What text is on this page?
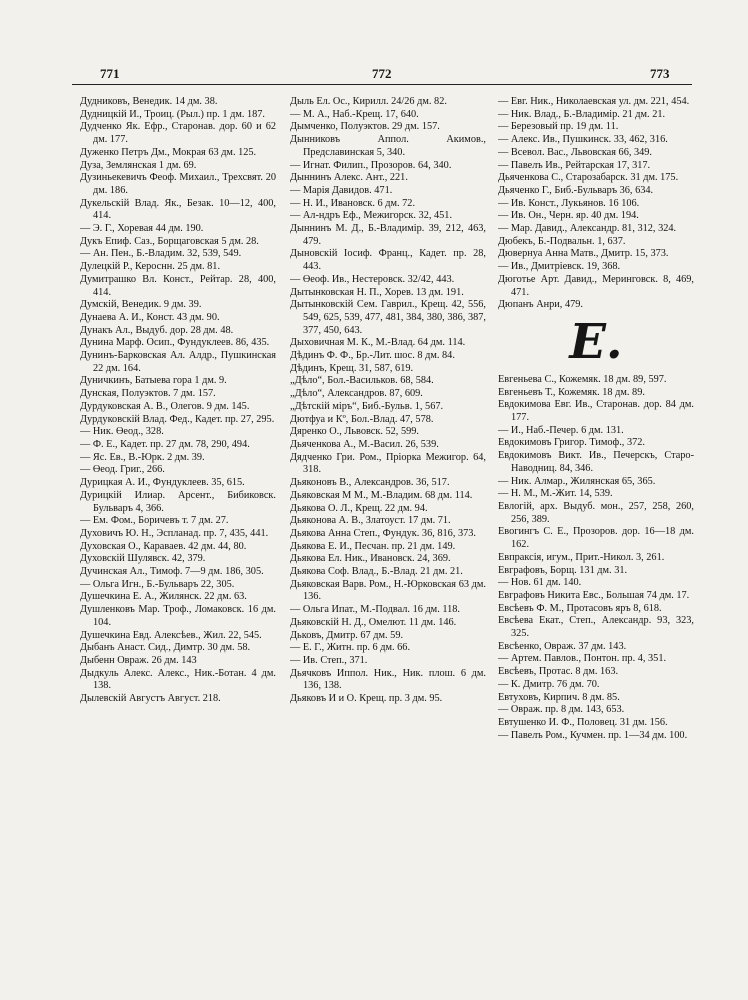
771	772	773
Дудниковъ, Венедик. 14 дм. 38.
Дудницкій И., Троиц. (Рыл.) пр. 1 дм. 187.
Дудченко Як. Ефр., Старонав. дор. 60 и 62 дм. 177.
Дуженко Петръ Дм., Мокрая 63 дм. 125.
Дуза, Землянская 1 дм. 69.
Дузиньекевичъ Феоф. Михаил., Трехсвят. 20 дм. 186.
Дукельскій Влад. Як., Безак. 10—12, 400, 414.
— Э. Г., Хоревая 44 дм. 190.
Дукъ Епиф. Саз., Борщаговская 5 дм. 28.
— Ан. Пен., Б.-Владим. 32, 539, 549.
Дулецкій Р., Кероснн. 25 дм. 81.
Думитрашко Вл. Конст., Рейтар. 28, 400, 414.
Думскій, Венедик. 9 дм. 39.
Дунаева А. И., Конст. 43 дм. 90.
Дунакъ Ал., Выдуб. дор. 28 дм. 48.
Дунина Марф. Осип., Фундуклеев. 86, 435.
Дунинъ-Барковская Ал. Алдр., Пушкинская 22 дм. 164.
Дуничкинъ, Батыева гора 1 дм. 9.
Дунская, Полуэктов. 7 дм. 157.
Дурдуковская А. В., Олегов. 9 дм. 145.
Дурдуковскій Влад. Фед., Кадет. пр. 27, 295.
— Ник. Өеод., 328.
— Ф. Е., Кадет. пр. 27 дм. 78, 290, 494.
— Яс. Ев., В.-Юрк. 2 дм. 39.
— Өеод. Григ., 266.
Дурицкая А. И., Фундуклеев. 35, 615.
Дурицкій Илиар. Арсент., Бибиковск. Бульваръ 4, 366.
— Ем. Фом., Боричевъ т. 7 дм. 27.
Духовичъ Ю. Н., Эспланад. пр. 7, 435, 441.
Духовская О., Караваев. 42 дм. 44, 80.
Духовскій Шулявск. 42, 379.
Дучинская Ал., Тимоф. 7—9 дм. 186, 305.
— Ольга Игн., Б.-Бульваръ 22, 305.
Душечкина Е. А., Жилянск. 22 дм. 63.
Душленковъ Мар. Троф., Ломаковск. 16 дм. 104.
Душечкина Евд. Алексѣев., Жил. 22, 545.
Дыбанъ Анаст. Сид., Димтр. 30 дм. 58.
Дыбенн Овраж. 26 дм. 143
Дыдкуль Алекс. Алекс., Ник.-Ботан. 4 дм. 138.
Дылевскій Августъ Август. 218.
Дыль Ел. Ос., Кирилл. 24/26 дм. 82.
— М. А., Наб.-Крещ. 17, 640.
Дымченко, Полуэктов. 29 дм. 157.
Дынниковъ Аппол. Акимов., Предславинская 5, 340.
— Игнат. Филип., Прозоров. 64, 340.
Дыннинъ Алекс. Ант., 221.
— Марія Давидов. 471.
— Н. И., Ивановск. 6 дм. 72.
— Ал-ндръ Еф., Межигорск. 32, 451.
Дыннинъ М. Д., Б.-Владимір. 39, 212, 463, 479.
Дыновскій Іосиф. Франц., Кадет. пр. 28, 443.
— Өеоф. Ив., Нестеровск. 32/42, 443.
Дытынковская Н. П., Хорев. 13 дм. 191.
Дытынковскій Сем. Гаврил., Крещ. 42, 556, 549, 625, 539, 477, 481, 384, 380, 386, 387, 377, 450, 643.
Дыховичная М. К., М.-Влад. 64 дм. 114.
Дѣдинъ Ф. Ф., Бр.-Лит. шос. 8 дм. 84.
Дѣдинъ, Крещ. 31, 587, 619.
„Дѣло“, Бол.-Васильков. 68, 584.
„Дѣло“, Александров. 87, 609.
„Дѣтскій міръ“, Биб.-Бульв. 1, 567.
Дютфуа и Кº, Бол.-Влад. 47, 578.
Дяренко О., Львовск. 52, 599.
Дьяченкова А., М.-Васил. 26, 539.
Дядченко Гри. Ром., Пріорка Межигор. 64, 318.
Дьяконовъ В., Александров. 36, 517.
Дьяковская М М., М.-Владим. 68 дм. 114.
Дьякова О. Л., Крещ. 22 дм. 94.
Дьяконова А. В., Златоуст. 17 дм. 71.
Дьякова Анна Степ., Фундук. 36, 816, 373.
Дьякова Е. И., Песчан. пр. 21 дм. 149.
Дьякова Ел. Ник., Ивановск. 24, 369.
Дьякова Соф. Влад., Б.-Влад. 21 дм. 21.
Дьяковская Варв. Ром., Н.-Юрковская 63 дм. 136.
— Ольга Ипат., М.-Подвал. 16 дм. 118.
Дьяковскій Н. Д., Омелют. 11 дм. 146.
Дьковъ, Дмитр. 67 дм. 59.
— Е. Г., Житн. пр. 6 дм. 66.
— Ив. Степ., 371.
Дьячковъ Иппол. Ник., Ник. плош. 6 дм. 136, 138.
Дьяковъ И и О. Крещ. пр. 3 дм. 95.
— Евг. Ник., Николаевская ул. дм. 221, 454.
— Ник. Влад., Б.-Владимір. 21 дм. 21.
— Березовый пр. 19 дм. 11.
— Алекс. Ив., Пушкинск. 33, 462, 316.
— Всевол. Вас., Львовская 66, 349.
— Павелъ Ив., Рейтарская 17, 317.
Дьяченкова С., Старозабарск. 31 дм. 175.
Дьяченко Г., Биб.-Бульваръ 36, 634.
— Ив. Конст., Лукьянов. 16 106.
— Ив. Он., Черн. яр. 40 дм. 194.
— Мар. Давид., Александр. 81, 312, 324.
Дюбекъ, Б.-Подвальн. 1, 637.
Дювернуа Анна Матв., Дмитр. 15, 373.
— Ив., Дмитріевск. 19, 368.
Дюготье Арт. Давид., Меринговск. 8, 469, 471.
Дюпанъ Анри, 479.
Е.
Евгеньева С., Кожемяк. 18 дм. 89, 597.
Евгеньевъ Т., Кожемяк. 18 дм. 89.
Евдокимова Евг. Ив., Старонав. дор. 84 дм. 177.
— И., Наб.-Печер. 6 дм. 131.
Евдокимовъ Григор. Тимоф., 372.
Евдокимовъ Викт. Ив., Печерскъ, Старо-Наводниц. 84, 346.
— Ник. Алмар., Жилянская 65, 365.
— Н. М., М.-Жит. 14, 539.
Евлогій, арх. Выдуб. мон., 257, 258, 260, 256, 389.
Евогингъ С. Е., Прозоров. дор. 16—18 дм. 162.
Евпраксія, игум., Прит.-Никол. 3, 261.
Евграфовъ, Борщ. 131 дм. 31.
— Нов. 61 дм. 140.
Евграфовъ Никита Евс., Большая 74 дм. 17.
Евсѣевъ Ф. М., Протасовъ яръ 8, 618.
Евсѣева Екат., Степ., Александр. 93, 323, 325.
Евсѣенко, Овраж. 37 дм. 143.
— Артем. Павлов., Понтон. пр. 4, 351.
Евсѣевъ, Протас. 8 дм. 163.
— К. Дмитр. 76 дм. 70.
Евтуховъ, Кирпич. 8 дм. 85.
— Овраж. пр. 8 дм. 143, 653.
Евтушенко И. Ф., Половец. 31 дм. 156.
— Павелъ Ром., Кучмен. пр. 1—34 дм. 100.
